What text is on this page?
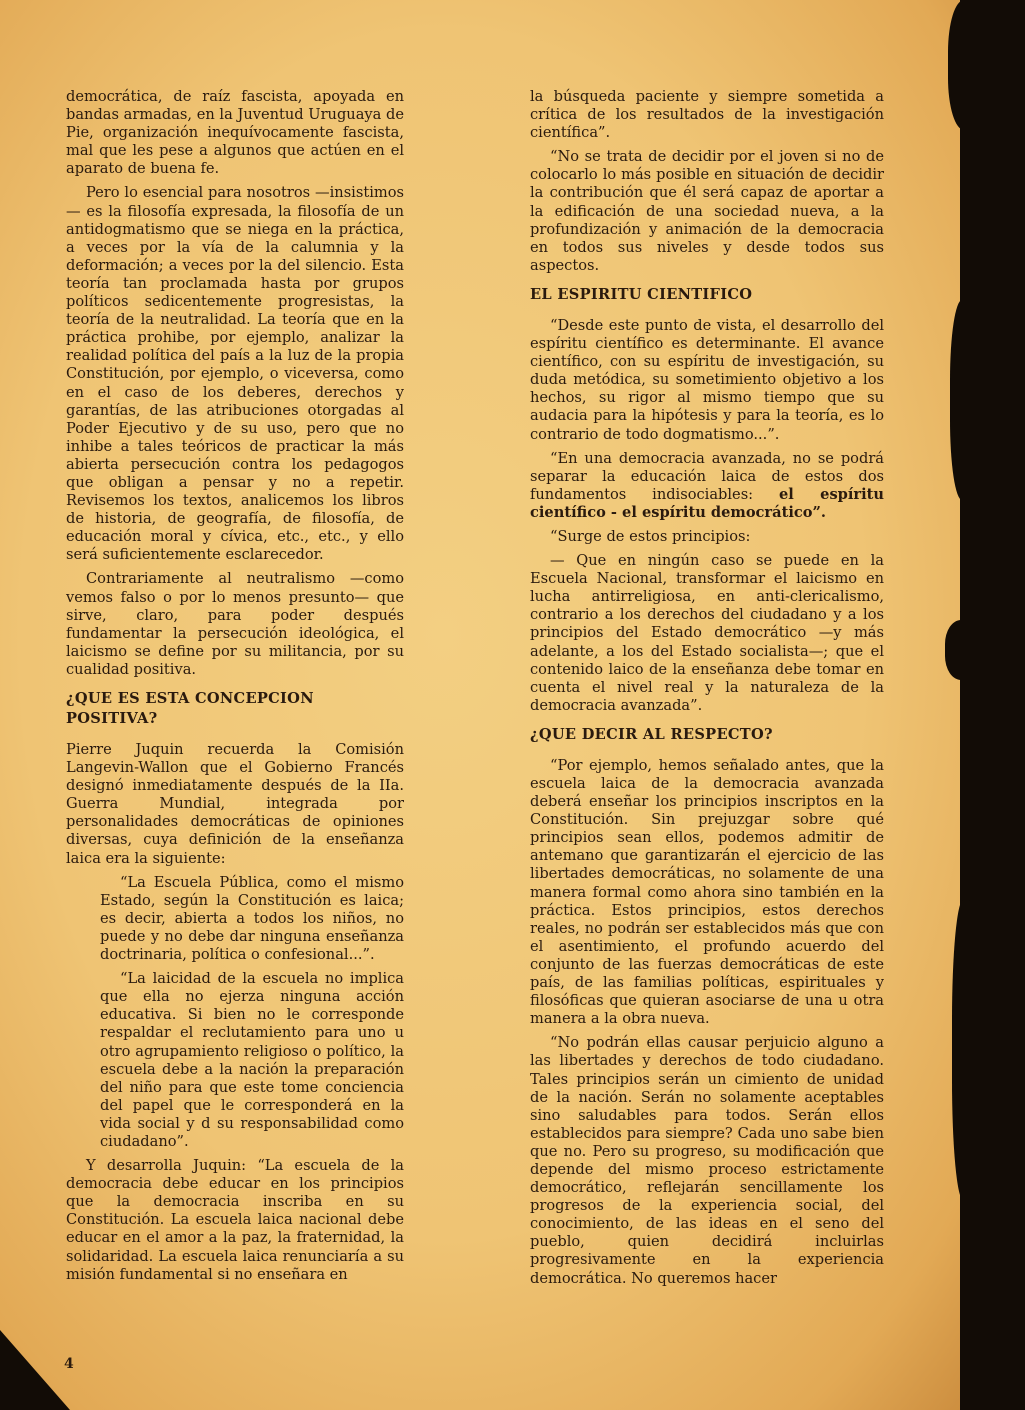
democrática, de raíz fascista, apoyada en bandas armadas, en la Juventud Uruguaya de Pie, organización inequívocamente fascista, mal que les pese a algunos que actúen en el aparato de buena fe.

Pero lo esencial para nosotros —insistimos— es la filosofía expresada, la filosofía de un antidogmatismo que se niega en la práctica, a veces por la vía de la calumnia y la deformación; a veces por la del silencio. Esta teoría tan proclamada hasta por grupos políticos sedicentemente progresistas, la teoría de la neutralidad. La teoría que en la práctica prohibe, por ejemplo, analizar la realidad política del país a la luz de la propia Constitución, por ejemplo, o viceversa, como en el caso de los deberes, derechos y garantías, de las atribuciones otorgadas al Poder Ejecutivo y de su uso, pero que no inhibe a tales teóricos de practicar la más abierta persecución contra los pedagogos que obligan a pensar y no a repetir. Revisemos los textos, analicemos los libros de historia, de geografía, de filosofía, de educación moral y cívica, etc., etc., y ello será suficientemente esclarecedor.

Contrariamente al neutralismo —como vemos falso o por lo menos presunto— que sirve, claro, para poder después fundamentar la persecución ideológica, el laicismo se define por su militancia, por su cualidad positiva.

¿QUE ES ESTA CONCEPCION POSITIVA?

Pierre Juquin recuerda la Comisión Langevin-Wallon que el Gobierno Francés designó inmediatamente después de la IIa. Guerra Mundial, integrada por personalidades democráticas de opiniones diversas, cuya definición de la enseñanza laica era la siguiente:

“La Escuela Pública, como el mismo Estado, según la Constitución es laica; es decir, abierta a todos los niños, no puede y no debe dar ninguna enseñanza doctrinaria, política o confesional...”.

“La laicidad de la escuela no implica que ella no ejerza ninguna acción educativa. Si bien no le corresponde respaldar el reclutamiento para uno u otro agrupamiento religioso o político, la escuela debe a la nación la preparación del niño para que este tome conciencia del papel que le corresponderá en la vida social y d su responsabilidad como ciudadano”.

Y desarrolla Juquin: “La escuela de la democracia debe educar en los principios que la democracia inscriba en su Constitución. La escuela laica nacional debe educar en el amor a la paz, la fraternidad, la solidaridad. La escuela laica renunciaría a su misión fundamental si no enseñara en

la búsqueda paciente y siempre sometida a crítica de los resultados de la investigación científica”.

“No se trata de decidir por el joven si no de colocarlo lo más posible en situación de decidir la contribución que él será capaz de aportar a la edificación de una sociedad nueva, a la profundización y animación de la democracia en todos sus niveles y desde todos sus aspectos.

EL ESPIRITU CIENTIFICO

“Desde este punto de vista, el desarrollo del espíritu científico es determinante. El avance científico, con su espíritu de investigación, su duda metódica, su sometimiento objetivo a los hechos, su rigor al mismo tiempo que su audacia para la hipótesis y para la teoría, es lo contrario de todo dogmatismo...”.

“En una democracia avanzada, no se podrá separar la educación laica de estos dos fundamentos indisociables: el espíritu científico - el espíritu democrático”.

“Surge de estos principios:

— Que en ningún caso se puede en la Escuela Nacional, transformar el laicismo en lucha antirreligiosa, en anti-clericalismo, contrario a los derechos del ciudadano y a los principios del Estado democrático —y más adelante, a los del Estado socialista—; que el contenido laico de la enseñanza debe tomar en cuenta el nivel real y la naturaleza de la democracia avanzada”.

¿QUE DECIR AL RESPECTO?

“Por ejemplo, hemos señalado antes, que la escuela laica de la democracia avanzada deberá enseñar los principios inscriptos en la Constitución. Sin prejuzgar sobre qué principios sean ellos, podemos admitir de antemano que garantizarán el ejercicio de las libertades democráticas, no solamente de una manera formal como ahora sino también en la práctica. Estos principios, estos derechos reales, no podrán ser establecidos más que con el asentimiento, el profundo acuerdo del conjunto de las fuerzas democráticas de este país, de las familias políticas, espirituales y filosóficas que quieran asociarse de una u otra manera a la obra nueva.

“No podrán ellas causar perjuicio alguno a las libertades y derechos de todo ciudadano. Tales principios serán un cimiento de unidad de la nación. Serán no solamente aceptables sino saludables para todos. Serán ellos establecidos para siempre? Cada uno sabe bien que no. Pero su progreso, su modificación que depende del mismo proceso estrictamente democrático, reflejarán sencillamente los progresos de la experiencia social, del conocimiento, de las ideas en el seno del pueblo, quien decidirá incluirlas progresivamente en la experiencia democrática. No queremos hacer

4
